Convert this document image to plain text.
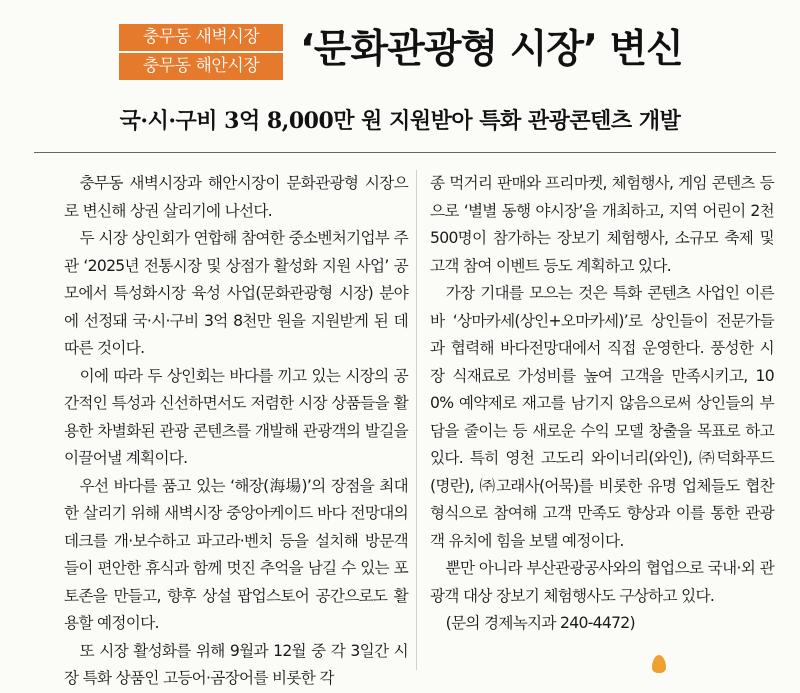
충무동 새벽시장
충무동 해안시장	‘문화관광형 시장’ 변신
국·시·구비 3억 8,000만 원 지원받아 특화 관광콘텐츠 개발

충무동 새벽시장과 해안시장이 문화관광형 시장으로 변신해 상권 살리기에 나선다.

두 시장 상인회가 연합해 참여한 중소벤처기업부 주관 ‘2025년 전통시장 및 상점가 활성화 지원 사업’ 공모에서 특성화시장 육성 사업(문화관광형 시장) 분야에 선정돼 국·시·구비 3억 8천만 원을 지원받게 된 데 따른 것이다.

이에 따라 두 상인회는 바다를 끼고 있는 시장의 공간적인 특성과 신선하면서도 저렴한 시장 상품들을 활용한 차별화된 관광 콘텐츠를 개발해 관광객의 발길을 이끌어낼 계획이다.

우선 바다를 품고 있는 ‘해장(海場)’의 장점을 최대한 살리기 위해 새벽시장 중앙아케이드 바다 전망대의 데크를 개·보수하고 파고라·벤치 등을 설치해 방문객들이 편안한 휴식과 함께 멋진 추억을 남길 수 있는 포토존을 만들고, 향후 상설 팝업스토어 공간으로도 활용할 예정이다.

또 시장 활성화를 위해 9월과 12월 중 각 3일간 시장 특화 상품인 고등어·곰장어를 비롯한 각

종 먹거리 판매와 프리마켓, 체험행사, 게임 콘텐츠 등으로 ‘별별 동행 야시장’을 개최하고, 지역 어린이 2천500명이 참가하는 장보기 체험행사, 소규모 축제 및 고객 참여 이벤트 등도 계획하고 있다.

가장 기대를 모으는 것은 특화 콘텐츠 사업인 이른 바 ‘상마카세(상인+오마카세)’로 상인들이 전문가들과 협력해 바다전망대에서 직접 운영한다. 풍성한 시장 식재료로 가성비를 높여 고객을 만족시키고, 100% 예약제로 재고를 남기지 않음으로써 상인들의 부담을 줄이는 등 새로운 수익 모델 창출을 목표로 하고 있다. 특히 영천 고도리 와이너리(와인), ㈜덕화푸드(명란), ㈜고래사(어묵)를 비롯한 유명 업체들도 협찬 형식으로 참여해 고객 만족도 향상과 이를 통한 관광객 유치에 힘을 보탤 예정이다.

뿐만 아니라 부산관광공사와의 협업으로 국내·외 관광객 대상 장보기 체험행사도 구상하고 있다.

(문의 경제녹지과 240-4472)
